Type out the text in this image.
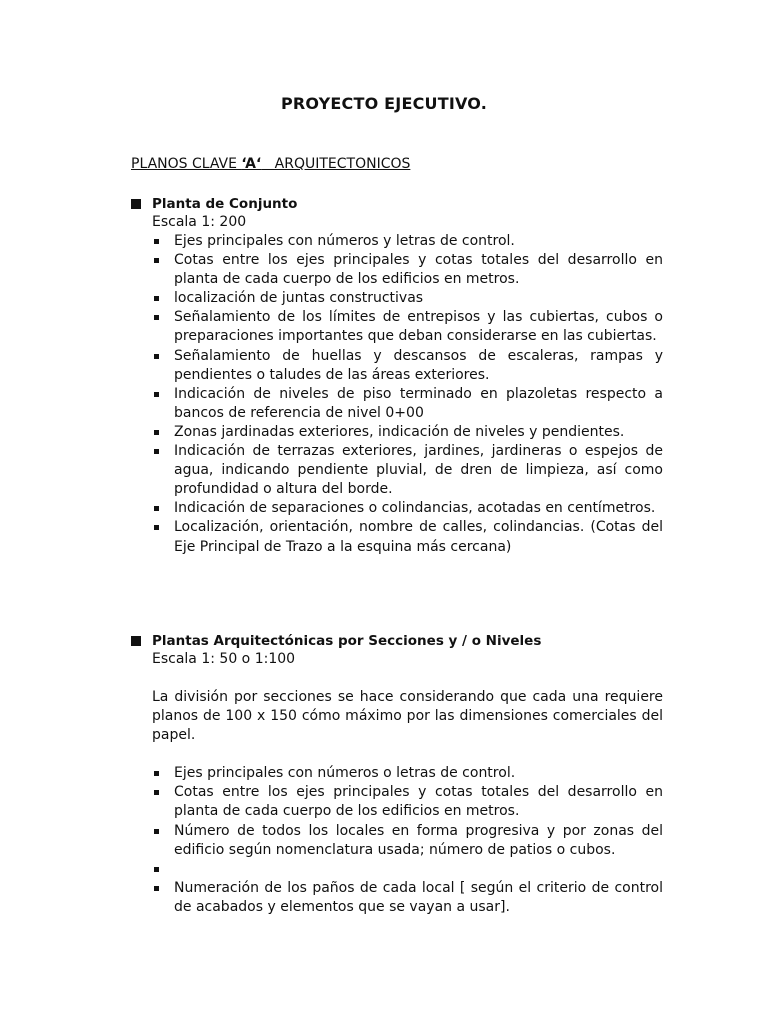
PROYECTO EJECUTIVO.
PLANOS CLAVE ‘A‘   ARQUITECTONICOS
Planta de Conjunto
Escala 1: 200
Ejes principales con números y letras de control.
Cotas entre los ejes principales y cotas totales del desarrollo en planta de cada cuerpo de los edificios en metros.
localización de juntas constructivas
Señalamiento de los límites de entrepisos y las cubiertas, cubos o preparaciones importantes que deban considerarse en las cubiertas.
Señalamiento de huellas y descansos de escaleras, rampas y pendientes o taludes de las áreas exteriores.
Indicación de niveles de piso terminado en plazoletas respecto a bancos de referencia de nivel 0+00
Zonas jardinadas exteriores, indicación de niveles y pendientes.
Indicación de terrazas exteriores, jardines, jardineras o espejos de agua, indicando pendiente pluvial, de dren de limpieza, así como profundidad o altura del borde.
Indicación de separaciones o colindancias, acotadas en centímetros.
Localización, orientación, nombre de calles, colindancias. (Cotas del Eje Principal de Trazo a la esquina más cercana)
Plantas Arquitectónicas por Secciones y / o Niveles
Escala 1: 50 o 1:100
La división por secciones se hace considerando que cada una requiere planos de 100 x 150 cómo máximo por las dimensiones comerciales del papel.
Ejes principales con números o letras de control.
Cotas entre los ejes principales y cotas totales del desarrollo en planta de cada cuerpo de los edificios en metros.
Número de todos los locales en forma progresiva y por zonas del edificio según nomenclatura usada; número de patios o cubos.
Numeración de los paños de cada local [ según el criterio de control de acabados y elementos que se vayan a usar].
